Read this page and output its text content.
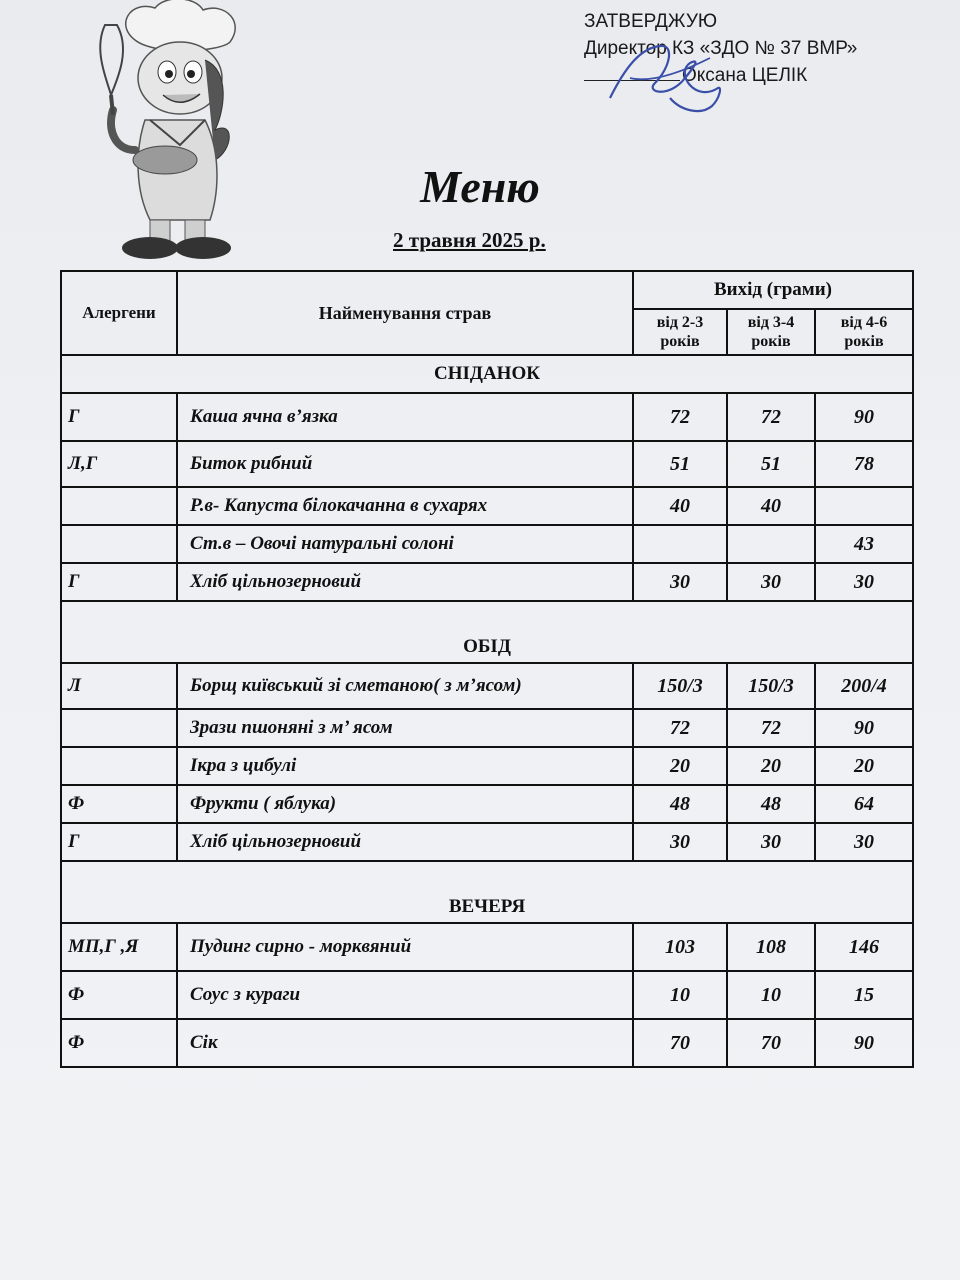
ЗАТВЕРДЖУЮ
Директор КЗ «ЗДО № 37 ВМР»
Оксана ЦЕЛІК
Меню
2 травня 2025 р.
Алергени	Найменування страв	Вихід (грами)		
		від 2-3 років	від 3-4 років	від 4-6 років
СНІДАНОК				
Г	Каша ячна в’язка	72	72	90
Л,Г	Биток рибний	51	51	78
	Р.в- Капуста білокачанна в сухарях	40	40	
	Ст.в – Овочі натуральні солоні			43
Г	Хліб цільнозерновий	30	30	30
ОБІД				
Л	Борщ київський зі сметаною( з м’ясом)	150/3	150/3	200/4
	Зрази пшоняні з м’ ясом	72	72	90
	Ікра з цибулі	20	20	20
Ф	Фрукти ( яблука)	48	48	64
Г	Хліб цільнозерновий	30	30	30
ВЕЧЕРЯ				
МП,Г ,Я	Пудинг сирно - морквяний	103	108	146
Ф	Соус з кураги	10	10	15
Ф	Сік	70	70	90
